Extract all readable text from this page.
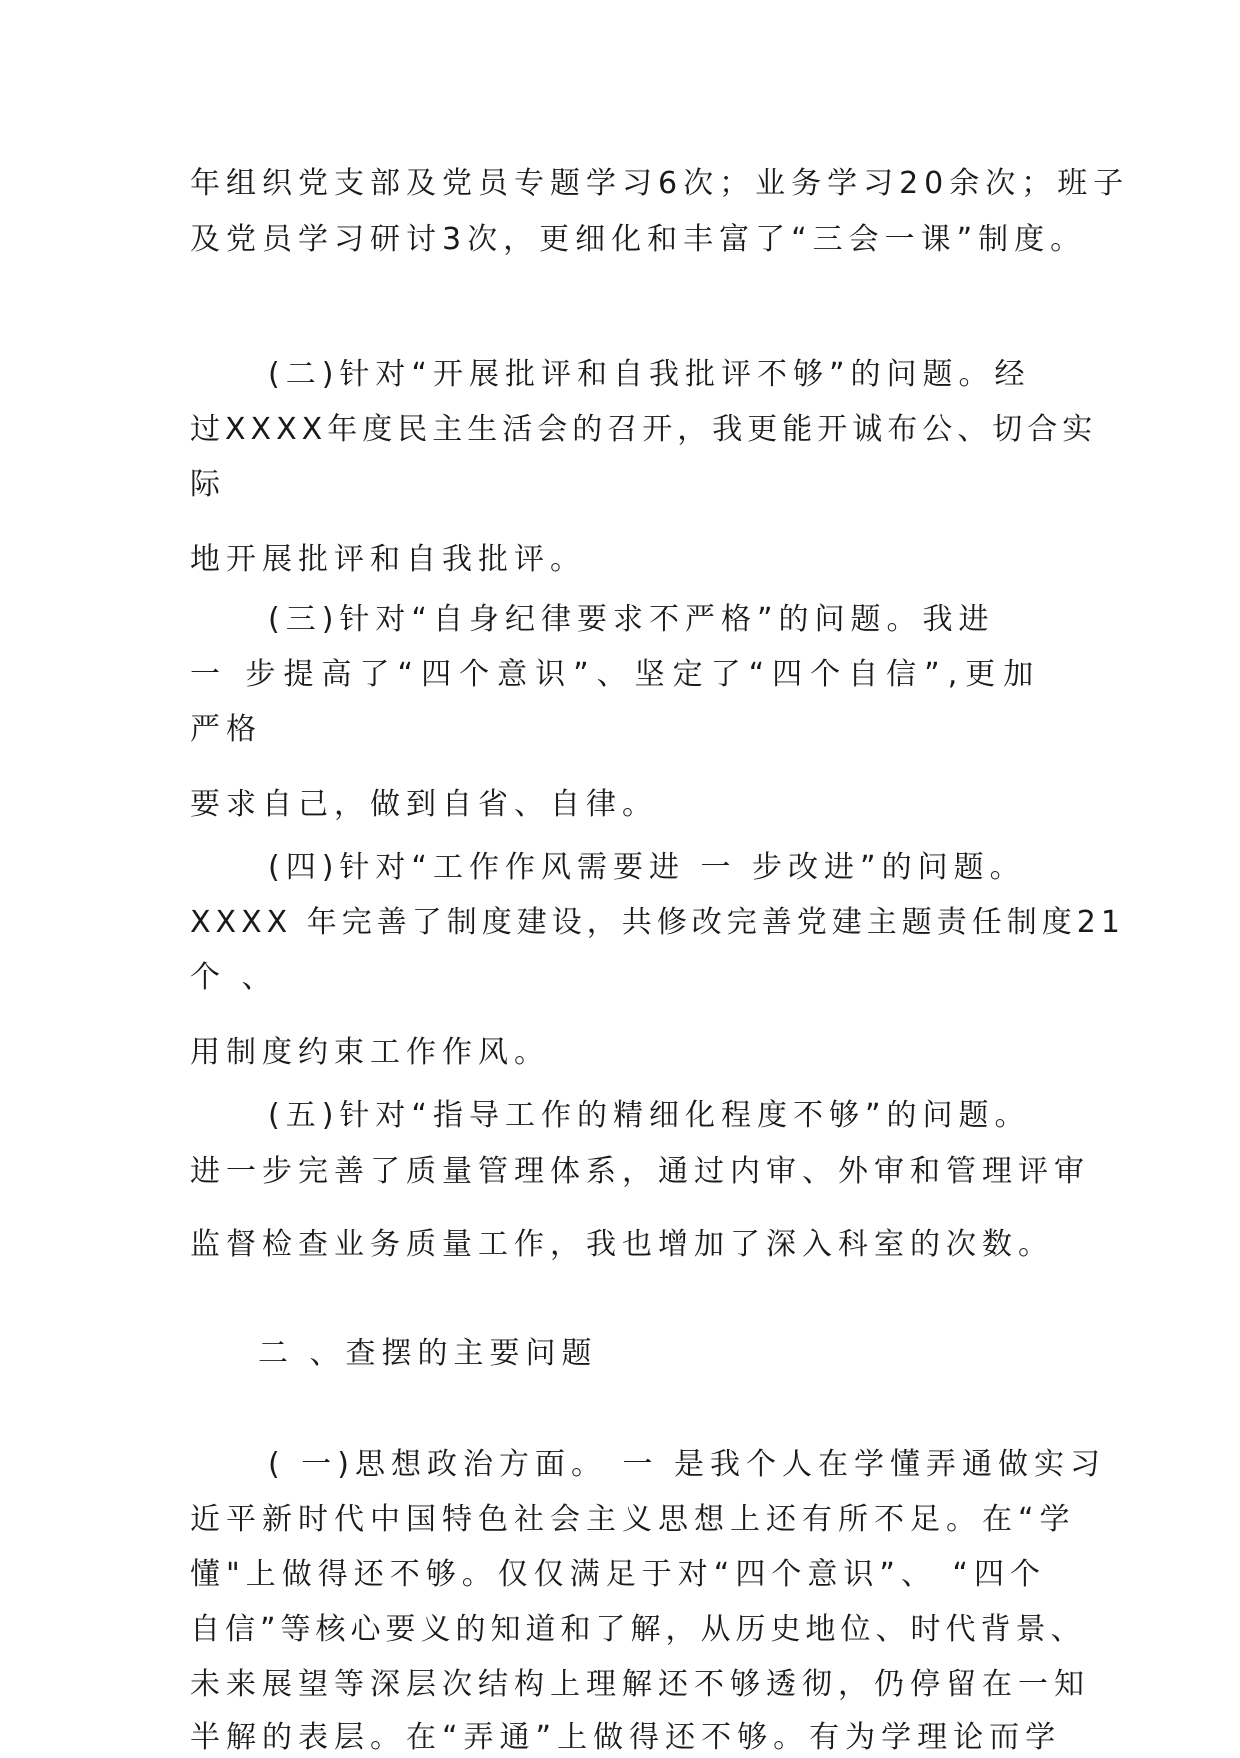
年组织党支部及党员专题学习6次；业务学习20余次；班子

及党员学习研讨3次，更细化和丰富了“三会一课”制度。

(二)针对“开展批评和自我批评不够”的问题。经

过XXXX年度民主生活会的召开，我更能开诚布公、切合实

际

地开展批评和自我批评。

(三)针对“自身纪律要求不严格”的问题。我进

一 步提高了“四个意识”、坚定了“四个自信”,更加

严格

要求自己，做到自省、自律。

(四)针对“工作作风需要进 一 步改进”的问题。

XXXX 年完善了制度建设，共修改完善党建主题责任制度21

个 、

用制度约束工作作风。

(五)针对“指导工作的精细化程度不够”的问题。

进一步完善了质量管理体系，通过内审、外审和管理评审

监督检查业务质量工作，我也增加了深入科室的次数。

二 、查摆的主要问题

( 一)思想政治方面。 一 是我个人在学懂弄通做实习

近平新时代中国特色社会主义思想上还有所不足。在“学

懂"上做得还不够。仅仅满足于对“四个意识”、 “四个

自信”等核心要义的知道和了解，从历史地位、时代背景、

未来展望等深层次结构上理解还不够透彻，仍停留在一知

半解的表层。在“弄通”上做得还不够。有为学理论而学
